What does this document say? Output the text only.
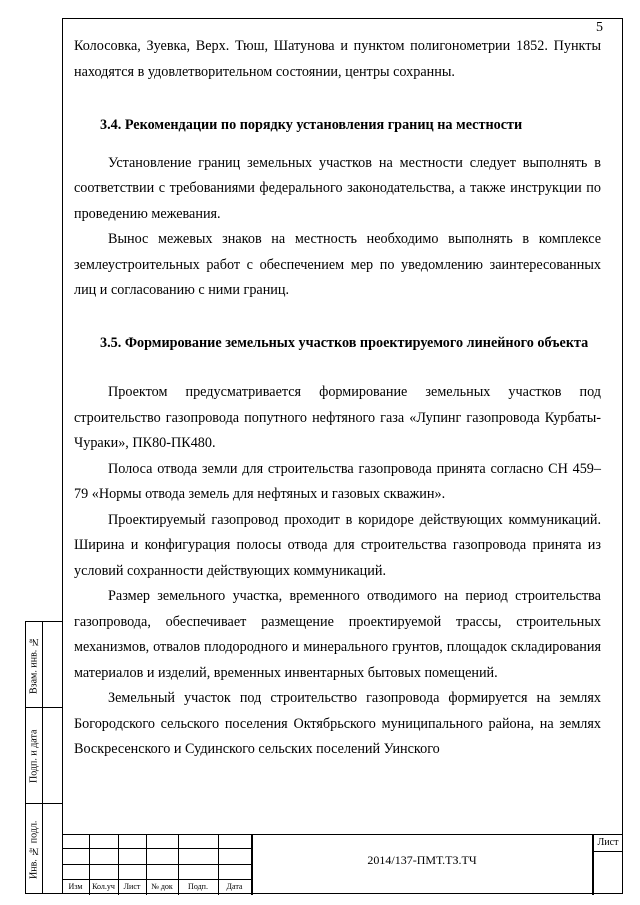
5

Колосовка, Зуевка, Верх. Тюш, Шатунова и пунктом полигонометрии 1852. Пункты находятся в удовлетворительном состоянии, центры сохранны.

3.4. Рекомендации по порядку установления границ на местности

Установление границ земельных участков на местности следует выполнять в соответствии с требованиями федерального законодательства, а также инструкции по проведению межевания.

Вынос межевых знаков на местность необходимо выполнять в комплексе землеустроительных работ с обеспечением мер по уведомлению заинтересованных лиц и согласованию с ними границ.

3.5. Формирование земельных участков проектируемого линейного объекта

Проектом предусматривается формирование земельных участков под строительство газопровода попутного нефтяного газа «Лупинг газопровода Курбаты-Чураки», ПК80-ПК480.

Полоса отвода земли для строительства газопровода принята согласно СН 459–79 «Нормы отвода земель для нефтяных и газовых скважин».

Проектируемый газопровод проходит в коридоре действующих коммуникаций. Ширина и конфигурация полосы отвода для строительства газопровода принята из условий сохранности действующих коммуникаций.

Размер земельного участка, временного отводимого на период строительства газопровода, обеспечивает размещение проектируемой трассы, строительных механизмов, отвалов плодородного и минерального грунтов, площадок складирования материалов и изделий, временных инвентарных бытовых помещений.

Земельный участок под строительство газопровода формируется на землях Богородского сельского поселения Октябрьского муниципального района, на землях Воскресенского и Судинского сельских поселений Уинского

Взам. инв. №
Подп. и дата
Инв. № подл.
Изм	Кол.уч	Лист	№ док	Подп.	Дата
2014/137-ПМТ.ТЗ.ТЧ
Лист
